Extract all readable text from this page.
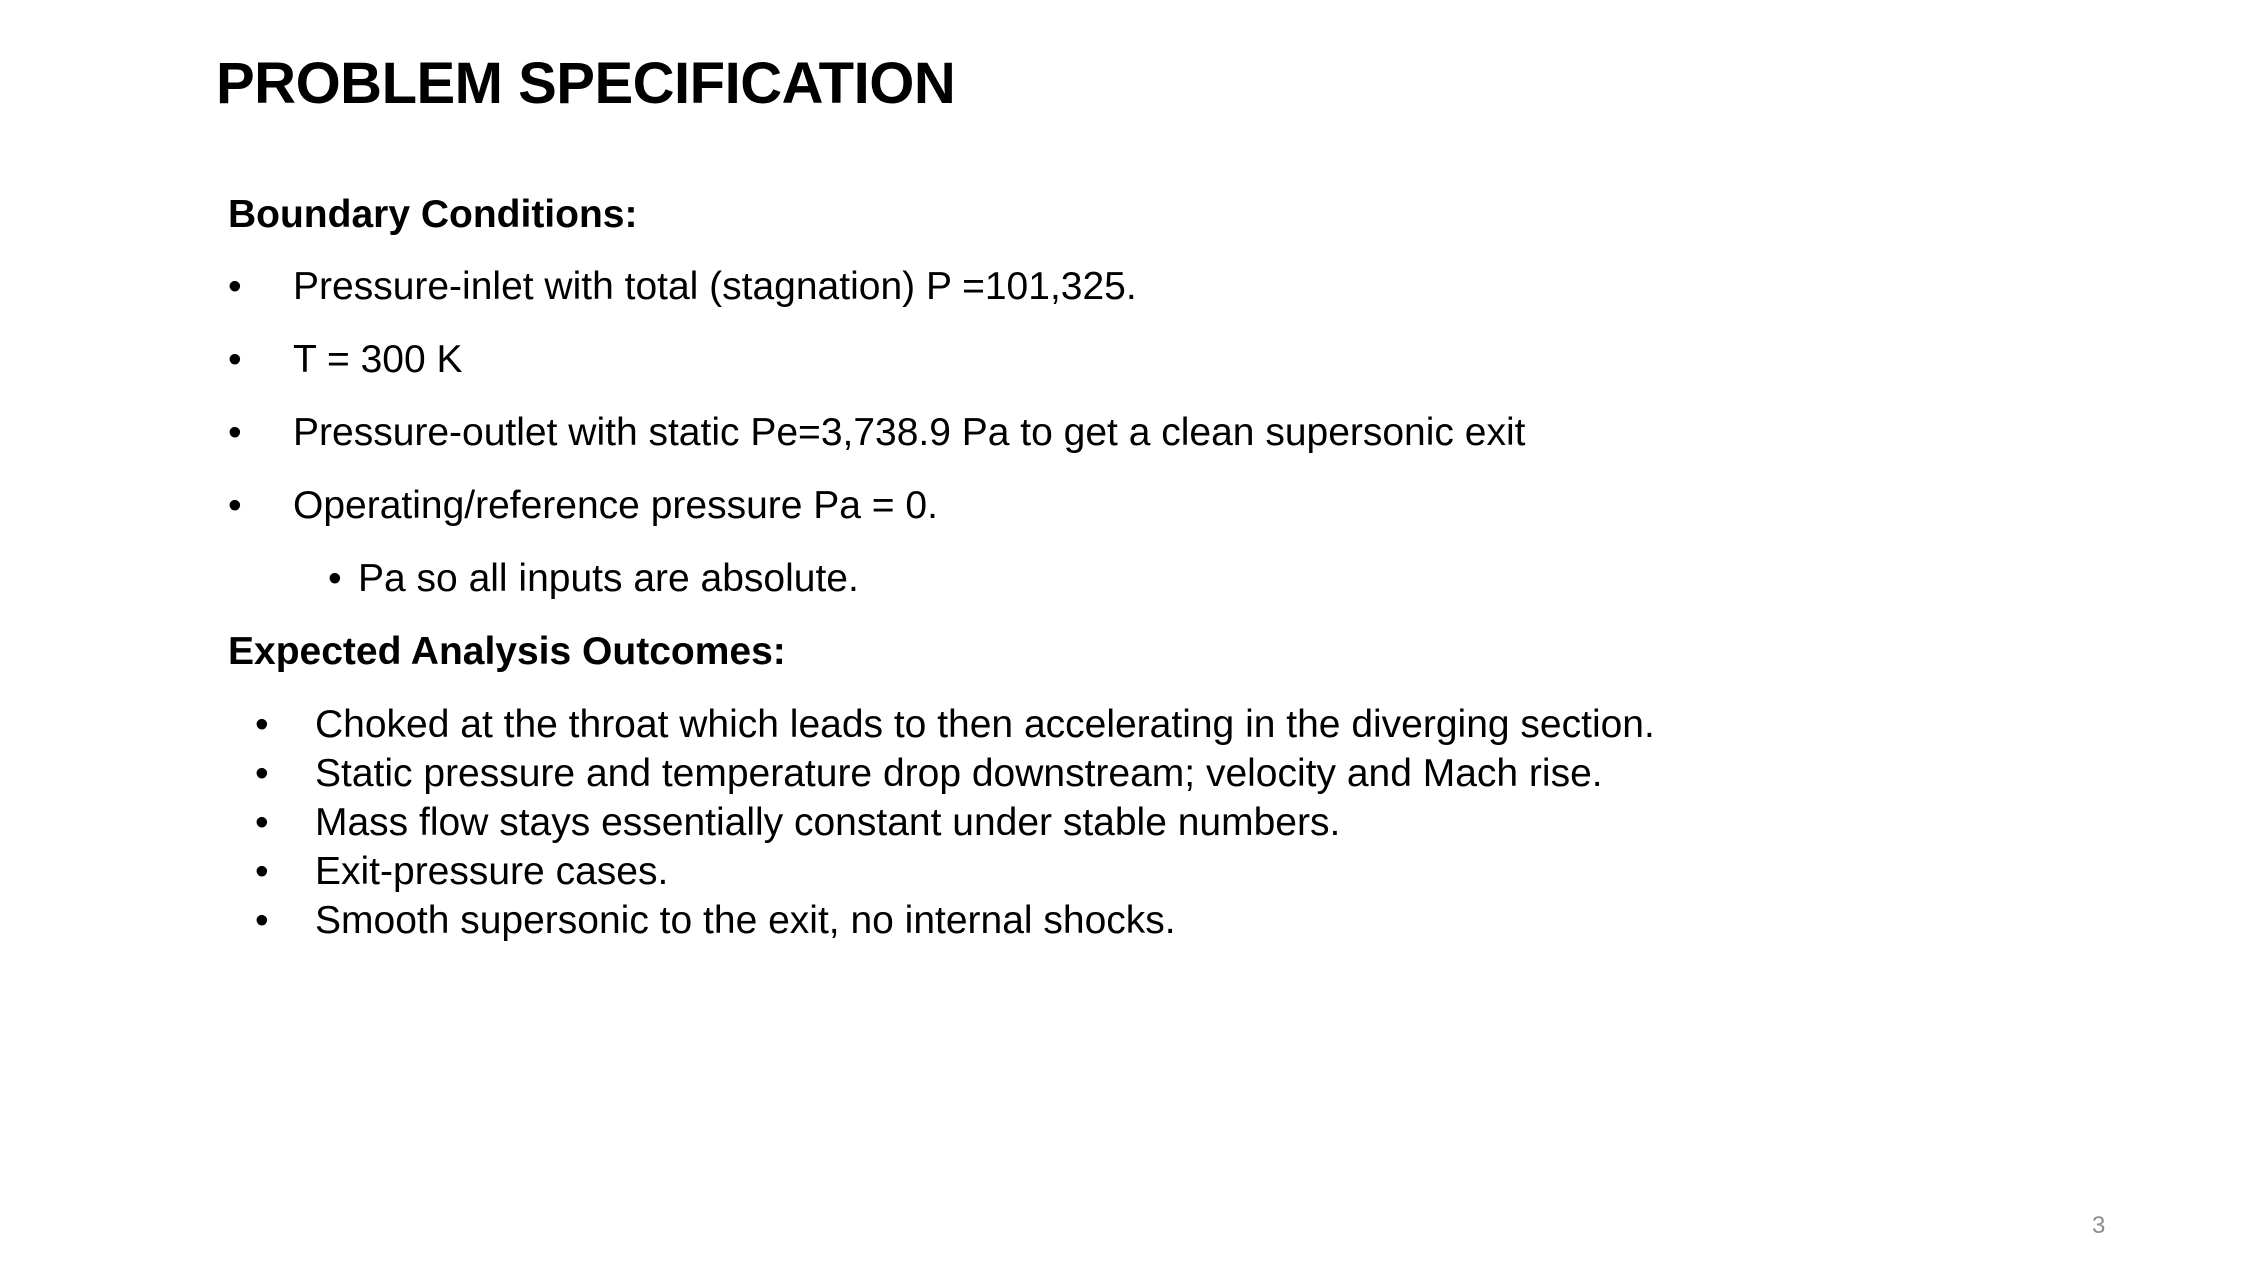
PROBLEM SPECIFICATION
Boundary Conditions:
• Pressure-inlet with total (stagnation) P =101,325.
• T = 300 K
• Pressure-outlet with static Pe=3,738.9 Pa to get a clean supersonic exit
• Operating/reference pressure Pa = 0.
• Pa so all inputs are absolute.
Expected Analysis Outcomes:
• Choked at the throat which leads to then accelerating in the diverging section.
• Static pressure and temperature drop downstream; velocity and Mach rise.
• Mass flow stays essentially constant under stable numbers.
• Exit-pressure cases.
• Smooth supersonic to the exit, no internal shocks.
3
